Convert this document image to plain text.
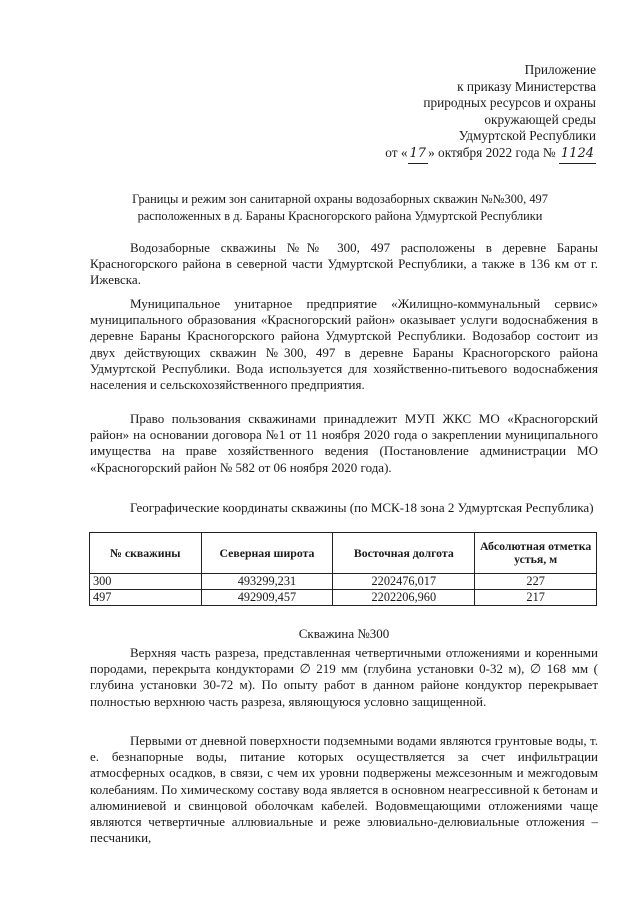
Приложение
к приказу Министерства
природных ресурсов и охраны
окружающей среды
Удмуртской Республики
от « 17 » октября 2022 года № 1124
Границы и режим зон санитарной охраны водозаборных скважин №№300, 497
расположенных в д. Бараны Красногорского района Удмуртской Республики

Водозаборные скважины №№ 300, 497 расположены в деревне Бараны Красногорского района в северной части Удмуртской Республики, а также в 136 км от г. Ижевска.

Муниципальное унитарное предприятие «Жилищно-коммунальный сервис» муниципального образования «Красногорский район» оказывает услуги водоснабжения в деревне Бараны Красногорского района Удмуртской Республики. Водозабор состоит из двух действующих скважин №300, 497 в деревне Бараны Красногорского района Удмуртской Республики. Вода используется для хозяйственно-питьевого водоснабжения населения и сельскохозяйственного предприятия.

Право пользования скважинами принадлежит МУП ЖКС МО «Красногорский район» на основании договора №1 от 11 ноября 2020 года о закреплении муниципального имущества на праве хозяйственного ведения (Постановление администрации МО «Красногорский район № 582 от 06 ноября 2020 года).

Географические координаты скважины (по МСК-18 зона 2 Удмуртская Республика)

№ скважины	Северная широта	Восточная долгота	Абсолютная отметка устья, м
300	493299,231	2202476,017	227
497	492909,457	2202206,960	217
Скважина №300

Верхняя часть разреза, представленная четвертичными отложениями и коренными породами, перекрыта кондукторами ∅ 219 мм (глубина установки 0-32 м), ∅ 168 мм ( глубина установки 30-72 м). По опыту работ в данном районе кондуктор перекрывает полностью верхнюю часть разреза, являющуюся условно защищенной.

Первыми от дневной поверхности подземными водами являются грунтовые воды, т. е. безнапорные воды, питание которых осуществляется за счет инфильтрации атмосферных осадков, в связи, с чем их уровни подвержены межсезонным и межгодовым колебаниям. По химическому составу вода является в основном неагрессивной к бетонам и алюминиевой и свинцовой оболочкам кабелей. Водовмещающими отложениями чаще являются четвертичные аллювиальные и реже элювиально-делювиальные отложения – песчаники,
